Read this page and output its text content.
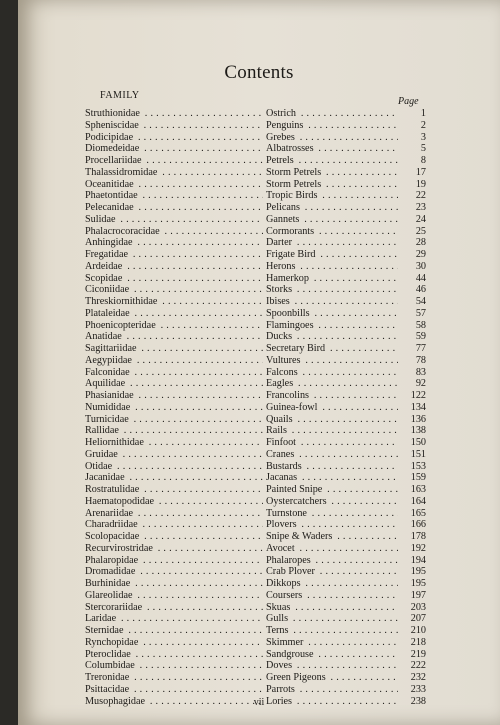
Contents
FAMILY
Page
Struthionidae . . .	Ostrich . . .	1
Spheniscidae . . .	Penguins . . .	2
Podicipidae . . .	Grebes . . .	3
Diomedeidae . . .	Albatrosses . . .	5
Procellariidae . . .	Petrels . . .	8
Thalassidromidae . . .	Storm Petrels . . .	17
Oceanitidae . . .	Storm Petrels . . .	19
Phaetontidae . . .	Tropic Birds . . .	22
Pelecanidae . . .	Pelicans . . .	23
Sulidae . . .	Gannets . . .	24
Phalacrocoracidae . . .	Cormorants . . .	25
Anhingidae . . .	Darter . . .	28
Fregatidae . . .	Frigate Bird . . .	29
Ardeidae . . .	Herons . . .	30
Scopidae . . .	Hamerkop . . .	44
Ciconiidae . . .	Storks . . .	46
Threskiornithidae . . .	Ibises . . .	54
Plataleidae . . .	Spoonbills . . .	57
Phoenicopteridae . . .	Flamingoes . . .	58
Anatidae . . .	Ducks . . .	59
Sagittariidae . . .	Secretary Bird . . .	77
Aegypiidae . . .	Vultures . . .	78
Falconidae . . .	Falcons . . .	83
Aquilidae . . .	Eagles . . .	92
Phasianidae . . .	Francolins . . .	122
Numididae . . .	Guinea-fowl . . .	134
Turnicidae . . .	Quails . . .	136
Rallidae . . .	Rails . . .	138
Heliornithidae . . .	Finfoot . . .	150
Gruidae . . .	Cranes . . .	151
Otidae . . .	Bustards . . .	153
Jacanidae . . .	Jacanas . . .	159
Rostratulidae . . .	Painted Snipe . . .	163
Haematopodidae . . .	Oystercatchers . . .	164
Arenariidae . . .	Turnstone . . .	165
Charadriidae . . .	Plovers . . .	166
Scolopacidae . . .	Snipe & Waders . . .	178
Recurvirostridae . . .	Avocet . . .	192
Phalaropidae . . .	Phalaropes . . .	194
Dromadidae . . .	Crab Plover . . .	195
Burhinidae . . .	Dikkops . . .	195
Glareolidae . . .	Coursers . . .	197
Stercorariidae . . .	Skuas . . .	203
Laridae . . .	Gulls . . .	207
Sternidae . . .	Terns . . .	210
Rynchopidae . . .	Skimmer . . .	218
Pteroclidae . . .	Sandgrouse . . .	219
Columbidae . . .	Doves . . .	222
Treronidae . . .	Green Pigeons . . .	232
Psittacidae . . .	Parrots . . .	233
Musophagidae . . .	Lories . . .	238
vii
